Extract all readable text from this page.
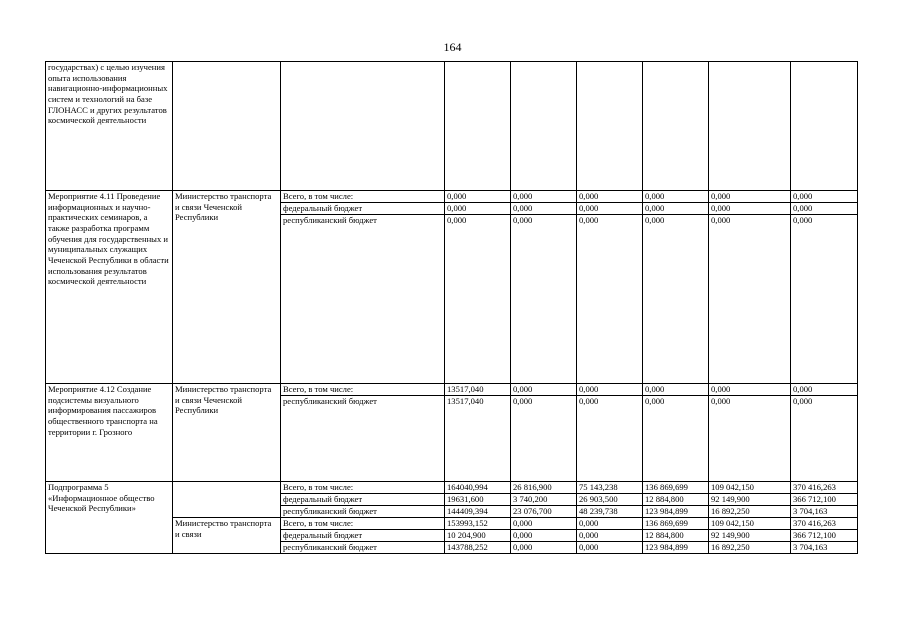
164
государствах) с целью изучения опыта использования навигационно-информационных систем и технологий на базе ГЛОНАСС и других результатов космической деятельности								
Мероприятие 4.11 Проведение информационных и научно-практических семинаров, а также разработка программ обучения для государственных и муниципальных служащих Чеченской Республики в области использования результатов космической деятельности	Министерство транспорта и связи Чеченской Республики	Всего, в том числе:	0,000	0,000	0,000	0,000	0,000	0,000
		федеральный бюджет	0,000	0,000	0,000	0,000	0,000	0,000
		республиканский бюджет	0,000	0,000	0,000	0,000	0,000	0,000
Мероприятие 4.12 Создание подсистемы визуального информирования пассажиров общественного транспорта на территории г. Грозного	Министерство транспорта и связи Чеченской Республики	Всего, в том числе:	13517,040	0,000	0,000	0,000	0,000	0,000
		республиканский бюджет	13517,040	0,000	0,000	0,000	0,000	0,000
Подпрограмма 5 «Информационное общество Чеченской Республики»		Всего, в том числе:	164040,994	26 816,900	75 143,238	136 869,699	109 042,150	370 416,263
		федеральный бюджет	19631,600	3 740,200	26 903,500	12 884,800	92 149,900	366 712,100
		республиканский бюджет	144409,394	23 076,700	48 239,738	123 984,899	16 892,250	3 704,163
	Министерство транспорта и связи	Всего, в том числе:	153993,152	0,000	0,000	136 869,699	109 042,150	370 416,263
		федеральный бюджет	10 204,900	0,000	0,000	12 884,800	92 149,900	366 712,100
		республиканский бюджет	143788,252	0,000	0,000	123 984,899	16 892,250	3 704,163
